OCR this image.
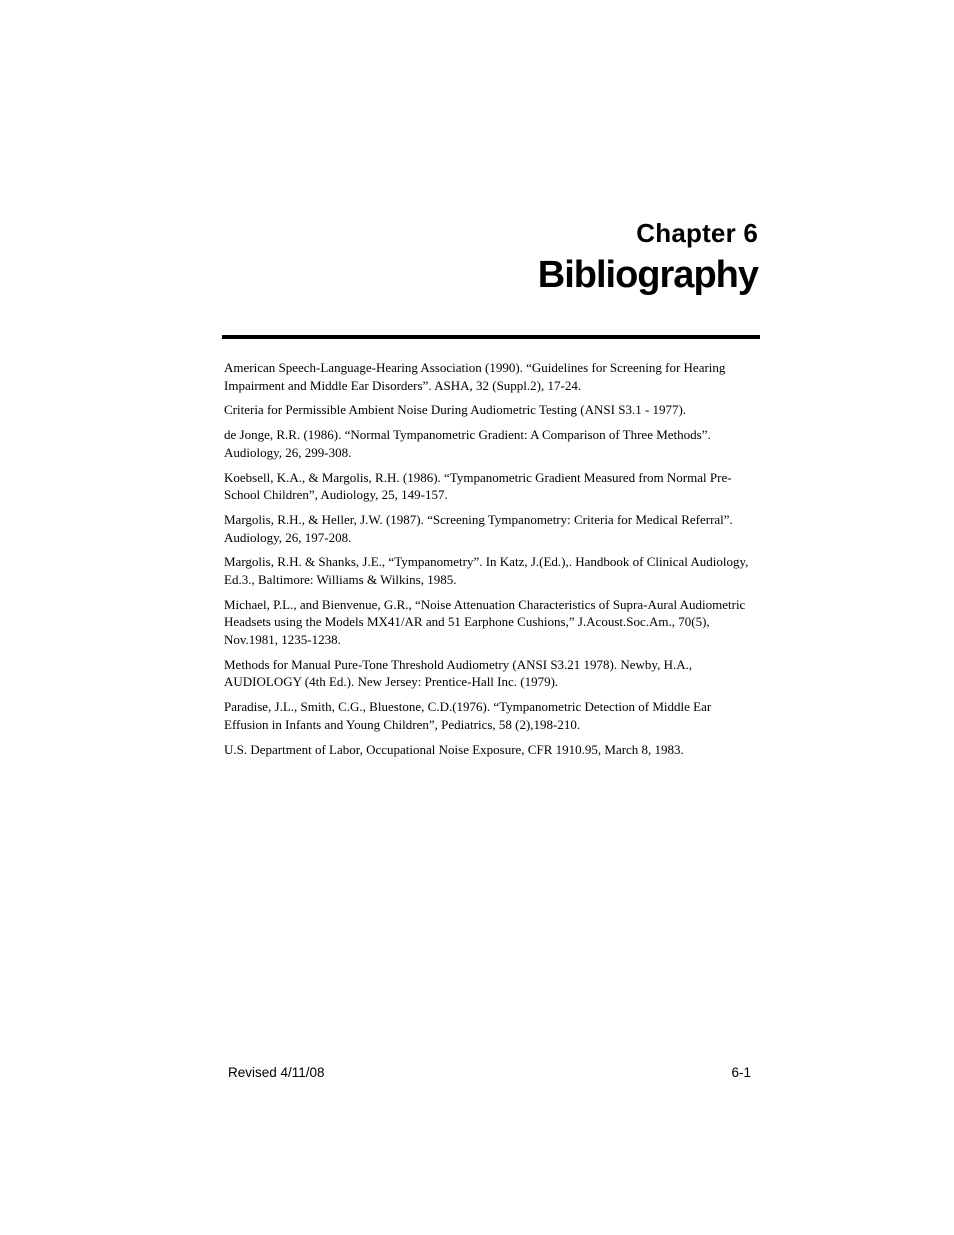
Chapter 6
Bibliography
American Speech-Language-Hearing Association (1990). “Guidelines for Screening for Hearing Impairment and Middle Ear Disorders”. ASHA, 32 (Suppl.2), 17-24.
Criteria for Permissible Ambient Noise During Audiometric Testing (ANSI S3.1 - 1977).
de Jonge, R.R. (1986). “Normal Tympanometric Gradient: A Comparison of Three Methods”. Audiology, 26, 299-308.
Koebsell, K.A., & Margolis, R.H. (1986). “Tympanometric Gradient Measured from Normal Pre-School Children”, Audiology, 25, 149-157.
Margolis, R.H., & Heller, J.W. (1987). “Screening Tympanometry: Criteria for Medical Referral”. Audiology, 26, 197-208.
Margolis, R.H. & Shanks, J.E., “Tympanometry”. In Katz, J.(Ed.),. Handbook of Clinical Audiology, Ed.3., Baltimore: Williams & Wilkins, 1985.
Michael, P.L., and Bienvenue, G.R., “Noise Attenuation Characteristics of Supra-Aural Audiometric Headsets using the Models MX41/AR and 51 Earphone Cushions,” J.Acoust.Soc.Am., 70(5), Nov.1981, 1235-1238.
Methods for Manual Pure-Tone Threshold Audiometry (ANSI S3.21 1978). Newby, H.A., AUDIOLOGY (4th Ed.). New Jersey: Prentice-Hall Inc. (1979).
Paradise, J.L., Smith, C.G., Bluestone, C.D.(1976). “Tympanometric Detection of Middle Ear Effusion in Infants and Young Children”, Pediatrics, 58 (2),198-210.
U.S. Department of Labor, Occupational Noise Exposure, CFR 1910.95, March 8, 1983.
Revised 4/11/08	6-1
